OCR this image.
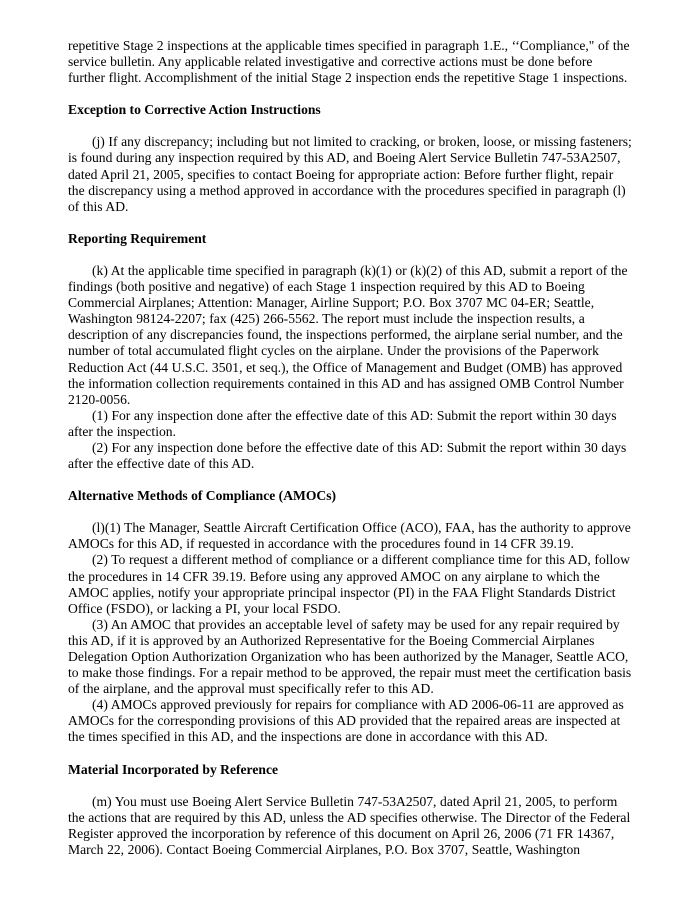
repetitive Stage 2 inspections at the applicable times specified in paragraph 1.E., ‘‘Compliance," of the service bulletin. Any applicable related investigative and corrective actions must be done before further flight. Accomplishment of the initial Stage 2 inspection ends the repetitive Stage 1 inspections.

Exception to Corrective Action Instructions

(j) If any discrepancy; including but not limited to cracking, or broken, loose, or missing fasteners; is found during any inspection required by this AD, and Boeing Alert Service Bulletin 747-53A2507, dated April 21, 2005, specifies to contact Boeing for appropriate action: Before further flight, repair the discrepancy using a method approved in accordance with the procedures specified in paragraph (l) of this AD.

Reporting Requirement

(k) At the applicable time specified in paragraph (k)(1) or (k)(2) of this AD, submit a report of the findings (both positive and negative) of each Stage 1 inspection required by this AD to Boeing Commercial Airplanes; Attention: Manager, Airline Support; P.O. Box 3707 MC 04-ER; Seattle, Washington 98124-2207; fax (425) 266-5562. The report must include the inspection results, a description of any discrepancies found, the inspections performed, the airplane serial number, and the number of total accumulated flight cycles on the airplane. Under the provisions of the Paperwork Reduction Act (44 U.S.C. 3501, et seq.), the Office of Management and Budget (OMB) has approved the information collection requirements contained in this AD and has assigned OMB Control Number 2120-0056.

(1) For any inspection done after the effective date of this AD: Submit the report within 30 days after the inspection.

(2) For any inspection done before the effective date of this AD: Submit the report within 30 days after the effective date of this AD.

Alternative Methods of Compliance (AMOCs)

(l)(1) The Manager, Seattle Aircraft Certification Office (ACO), FAA, has the authority to approve AMOCs for this AD, if requested in accordance with the procedures found in 14 CFR 39.19.

(2) To request a different method of compliance or a different compliance time for this AD, follow the procedures in 14 CFR 39.19. Before using any approved AMOC on any airplane to which the AMOC applies, notify your appropriate principal inspector (PI) in the FAA Flight Standards District Office (FSDO), or lacking a PI, your local FSDO.

(3) An AMOC that provides an acceptable level of safety may be used for any repair required by this AD, if it is approved by an Authorized Representative for the Boeing Commercial Airplanes Delegation Option Authorization Organization who has been authorized by the Manager, Seattle ACO, to make those findings. For a repair method to be approved, the repair must meet the certification basis of the airplane, and the approval must specifically refer to this AD.

(4) AMOCs approved previously for repairs for compliance with AD 2006-06-11 are approved as AMOCs for the corresponding provisions of this AD provided that the repaired areas are inspected at the times specified in this AD, and the inspections are done in accordance with this AD.

Material Incorporated by Reference

(m) You must use Boeing Alert Service Bulletin 747-53A2507, dated April 21, 2005, to perform the actions that are required by this AD, unless the AD specifies otherwise. The Director of the Federal Register approved the incorporation by reference of this document on April 26, 2006 (71 FR 14367, March 22, 2006). Contact Boeing Commercial Airplanes, P.O. Box 3707, Seattle, Washington
